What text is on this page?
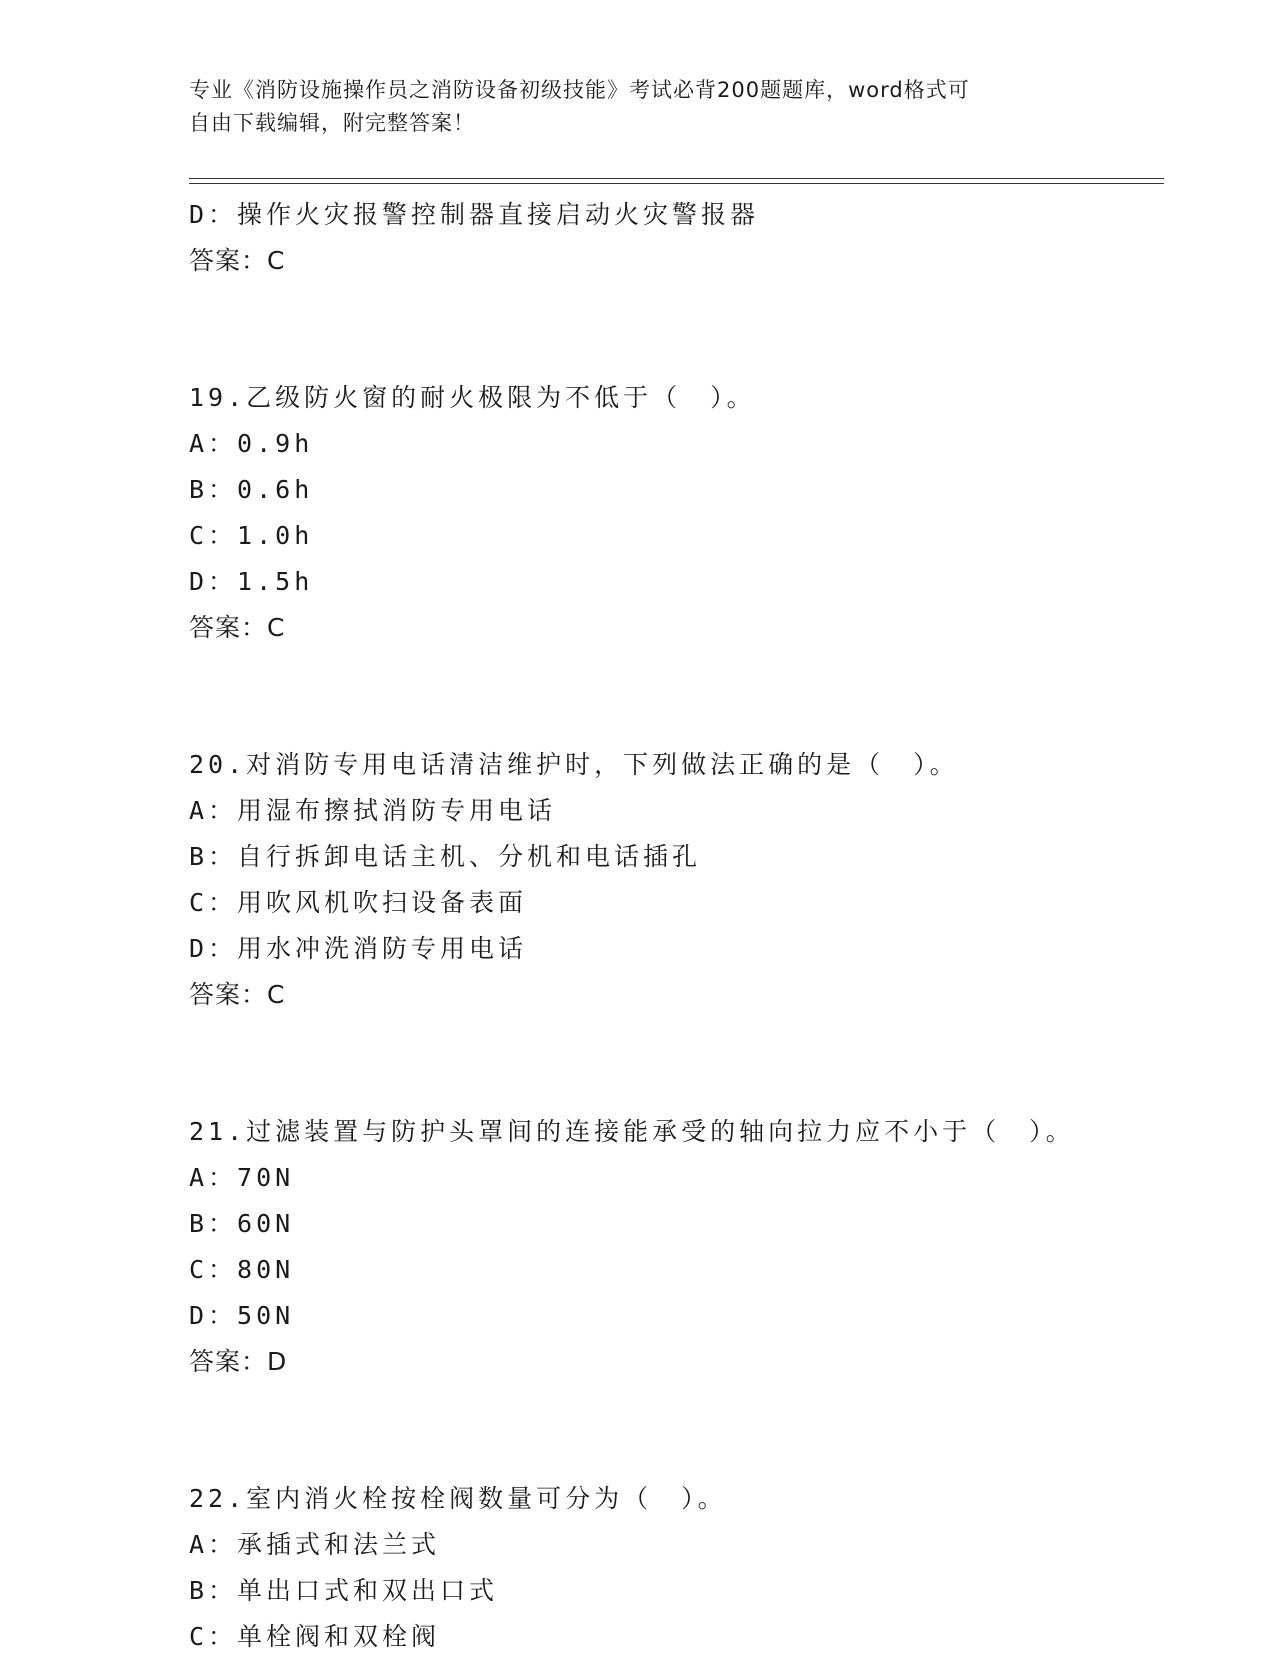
专业《消防设施操作员之消防设备初级技能》考试必背200题题库，word格式可
自由下载编辑，附完整答案！
D：操作火灾报警控制器直接启动火灾警报器
答案：C
19.乙级防火窗的耐火极限为不低于（　）。
A：0.9h
B：0.6h
C：1.0h
D：1.5h
答案：C
20.对消防专用电话清洁维护时，下列做法正确的是（　）。
A：用湿布擦拭消防专用电话
B：自行拆卸电话主机、分机和电话插孔
C：用吹风机吹扫设备表面
D：用水冲洗消防专用电话
答案：C
21.过滤装置与防护头罩间的连接能承受的轴向拉力应不小于（　）。
A：70N
B：60N
C：80N
D：50N
答案：D
22.室内消火栓按栓阀数量可分为（　）。
A：承插式和法兰式
B：单出口式和双出口式
C：单栓阀和双栓阀
